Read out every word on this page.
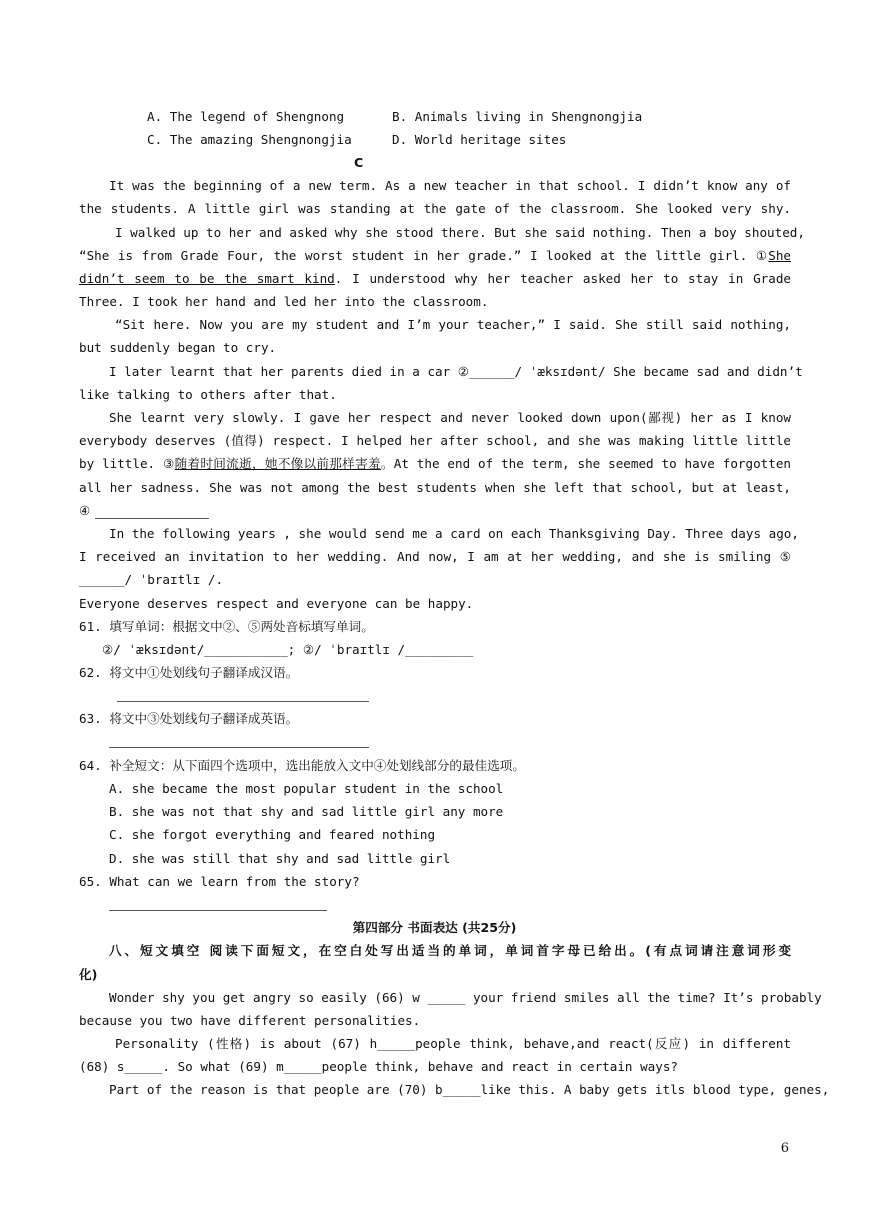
A. The legend of Shengnong	B. Animals living in Shengnongjia
C. The amazing Shengnongjia	D. World heritage sites
C
It was the beginning of a new term. As a new teacher in that school. I didn’t know any of
the students. A little girl was standing at the gate of the classroom. She looked very shy.
I walked up to her and asked why she stood there. But she said nothing. Then a boy shouted,
“She is from Grade Four, the worst student in her grade.” I looked at the little girl. ①She
didn’t seem to be the smart kind. I understood why her teacher asked her to stay in Grade
Three. I took her hand and led her into the classroom.
“Sit here. Now you are my student and I’m your teacher,” I said. She still said nothing,
but suddenly began to cry.
I later learnt that her parents died in a car ②______/ ˈæksɪdənt/ She became sad and didn’t
like talking to others after that.
She learnt very slowly. I gave her respect and never looked down upon(鄙视) her as I know
everybody deserves (值得) respect. I helped her after school, and she was making little little
by little. ③随着时间流逝，她不像以前那样害羞。At the end of the term, she seemed to have forgotten
all her sadness. She was not among the best students when she left that school, but at least,
④
In the following years , she would send me a card on each Thanksgiving Day. Three days ago,
I received an invitation to her wedding. And now, I am at her wedding, and she is smiling ⑤
______/ ˈbraɪtlɪ /.
Everyone deserves respect and everyone can be happy.
61. 填写单词：根据文中②、⑤两处音标填写单词。
②/ ˈæksɪdənt/___________; ②/ ˈbraɪtlɪ /_________
62. 将文中①处划线句子翻译成汉语。
63. 将文中③处划线句子翻译成英语。
64. 补全短文：从下面四个选项中，选出能放入文中④处划线部分的最佳选项。
A. she became the most popular student in the school
B. she was not that shy and sad little girl any more
C. she forgot everything and feared nothing
D. she was still that shy and sad little girl
65. What can we learn from the story?
第四部分 书面表达 (共25分)
八、短文填空 阅读下面短文，在空白处写出适当的单词，单词首字母已给出。(有点词请注意词形变
化)
Wonder shy you get angry so easily (66) w _____ your friend smiles all the time? It’s probably
because you two have different personalities.
Personality (性格) is about (67) h_____people think, behave,and react(反应) in different
(68) s_____. So what (69) m_____people think, behave and react in certain ways?
Part of the reason is that people are (70) b_____like this. A baby gets itls blood type, genes,
6
